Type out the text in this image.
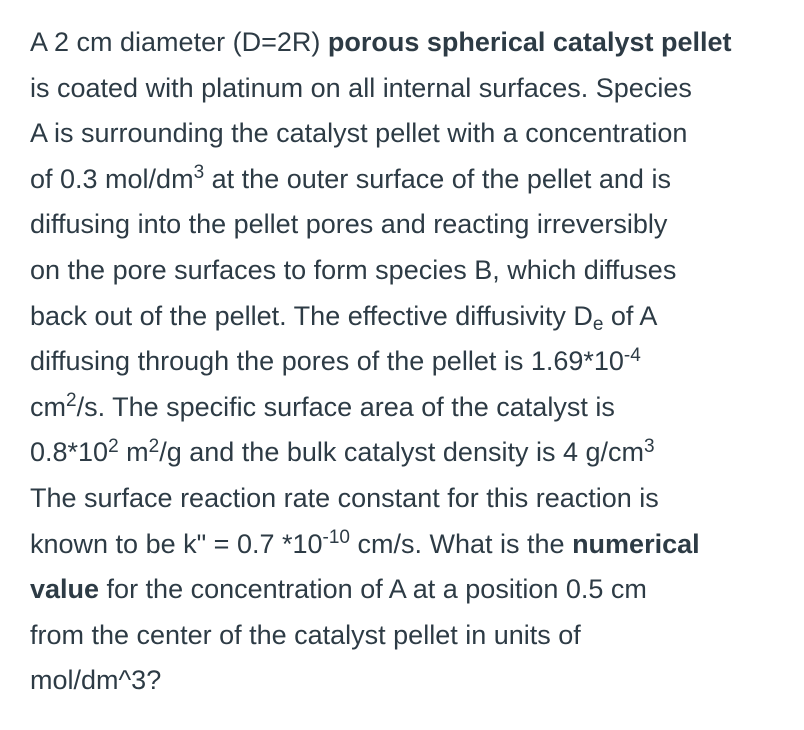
A 2 cm diameter (D=2R) porous spherical catalyst pellet
is coated with platinum on all internal surfaces. Species
A is surrounding the catalyst pellet with a concentration
of 0.3 mol/$dm^3$ at the outer surface of the pellet and is
diffusing into the pellet pores and reacting irreversibly
on the pore surfaces to form species B, which diffuses
back out of the pellet. The effective diffusivity $D_e$ of A
diffusing through the pores of the pellet is $1.69*10^{-4}$
$cm^2/s$. The specific surface area of the catalyst is
$0.8*10^2$ $m^2/g$ and the bulk catalyst density is 4 $g/cm^3$
The surface reaction rate constant for this reaction is
known to be k" = 0.7 $*10^{-10}$ cm/s. What is the numerical
value for the concentration of A at a position 0.5 cm
from the center of the catalyst pellet in units of
mol/dm^3?
